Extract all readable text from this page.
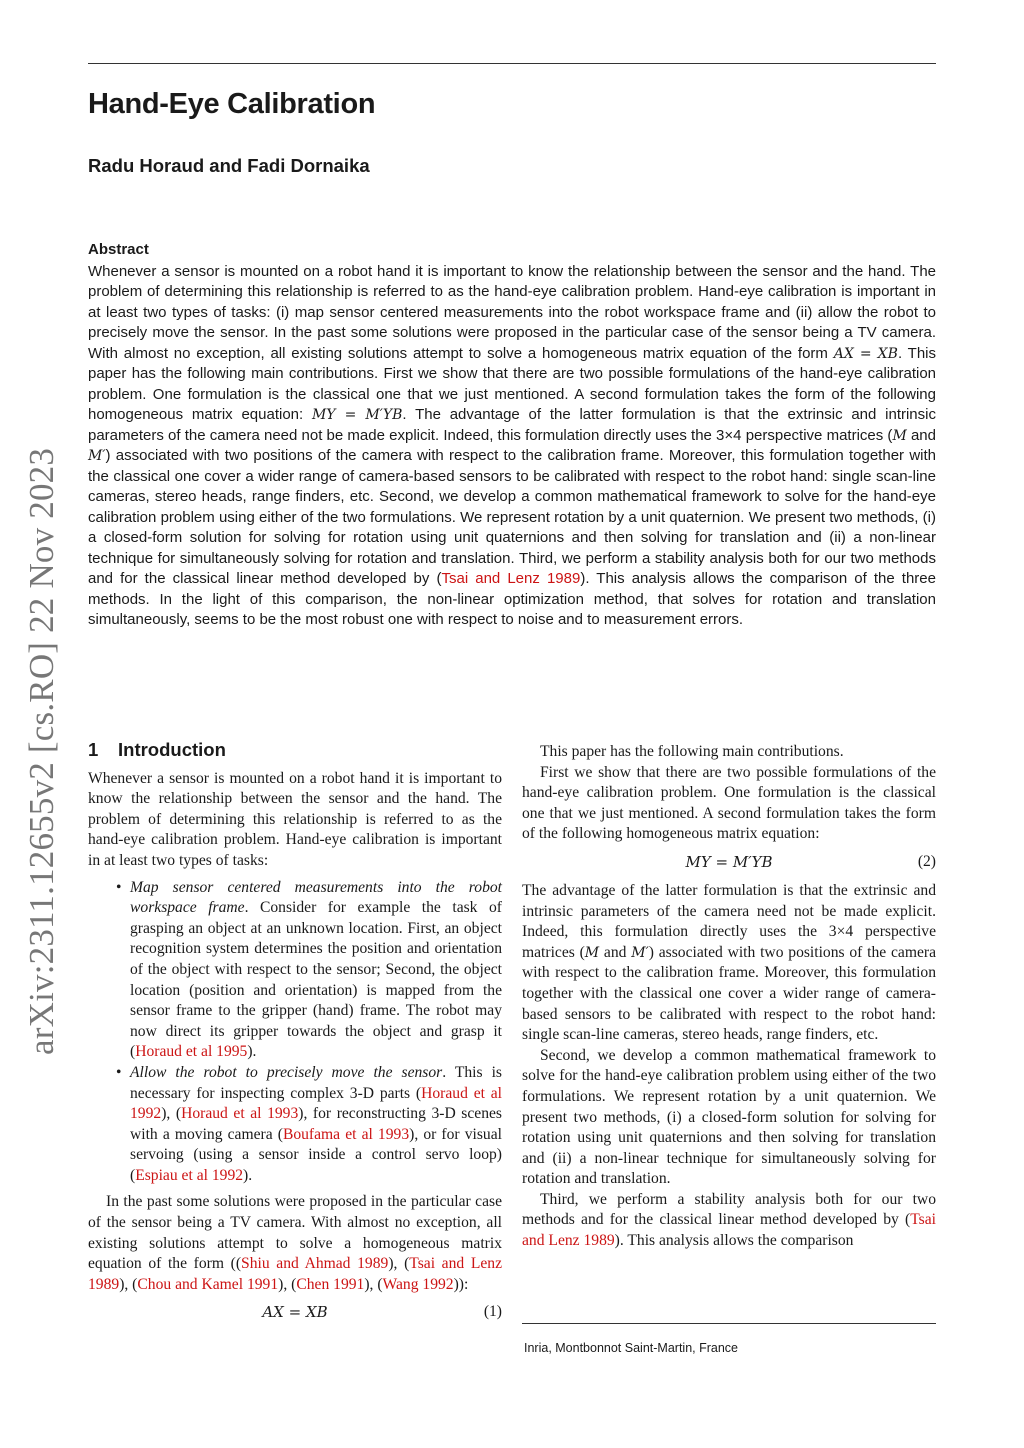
Hand-Eye Calibration
Radu Horaud and Fadi Dornaika
arXiv:2311.12655v2 [cs.RO] 22 Nov 2023
Abstract

Whenever a sensor is mounted on a robot hand it is important to know the relationship between the sensor and the hand. The problem of determining this relationship is referred to as the hand-eye calibration problem. Hand-eye calibration is important in at least two types of tasks: (i) map sensor centered measurements into the robot workspace frame and (ii) allow the robot to precisely move the sensor. In the past some solutions were proposed in the particular case of the sensor being a TV camera. With almost no exception, all existing solutions attempt to solve a homogeneous matrix equation of the form AX = XB. This paper has the following main contributions. First we show that there are two possible formulations of the hand-eye calibration problem. One formulation is the classical one that we just mentioned. A second formulation takes the form of the following homogeneous matrix equation: MY = M′YB. The advantage of the latter formulation is that the extrinsic and intrinsic parameters of the camera need not be made explicit. Indeed, this formulation directly uses the 3×4 perspective matrices (M and M′) associated with two positions of the camera with respect to the calibration frame. Moreover, this formulation together with the classical one cover a wider range of camera-based sensors to be calibrated with respect to the robot hand: single scan-line cameras, stereo heads, range finders, etc. Second, we develop a common mathematical framework to solve for the hand-eye calibration problem using either of the two formulations. We represent rotation by a unit quaternion. We present two methods, (i) a closed-form solution for solving for rotation using unit quaternions and then solving for translation and (ii) a non-linear technique for simultaneously solving for rotation and translation. Third, we perform a stability analysis both for our two methods and for the classical linear method developed by (Tsai and Lenz 1989). This analysis allows the comparison of the three methods. In the light of this comparison, the non-linear optimization method, that solves for rotation and translation simultaneously, seems to be the most robust one with respect to noise and to measurement errors.

1 Introduction

Whenever a sensor is mounted on a robot hand it is important to know the relationship between the sensor and the hand. The problem of determining this relationship is referred to as the hand-eye calibration problem. Hand-eye calibration is important in at least two types of tasks:

• Map sensor centered measurements into the robot workspace frame. Consider for example the task of grasping an object at an unknown location. First, an object recognition system determines the position and orientation of the object with respect to the sensor; Second, the object location (position and orientation) is mapped from the sensor frame to the gripper (hand) frame. The robot may now direct its gripper towards the object and grasp it (Horaud et al 1995).
• Allow the robot to precisely move the sensor. This is necessary for inspecting complex 3-D parts (Horaud et al 1992), (Horaud et al 1993), for reconstructing 3-D scenes with a moving camera (Boufama et al 1993), or for visual servoing (using a sensor inside a control servo loop) (Espiau et al 1992).

In the past some solutions were proposed in the particular case of the sensor being a TV camera. With almost no exception, all existing solutions attempt to solve a homogeneous matrix equation of the form ((Shiu and Ahmad 1989), (Tsai and Lenz 1989), (Chou and Kamel 1991), (Chen 1991), (Wang 1992)):

AX = XB	(1)

This paper has the following main contributions.

First we show that there are two possible formulations of the hand-eye calibration problem. One formulation is the classical one that we just mentioned. A second formulation takes the form of the following homogeneous matrix equation:

MY = M′YB	(2)

The advantage of the latter formulation is that the extrinsic and intrinsic parameters of the camera need not be made explicit. Indeed, this formulation directly uses the 3×4 perspective matrices (M and M′) associated with two positions of the camera with respect to the calibration frame. Moreover, this formulation together with the classical one cover a wider range of camera-based sensors to be calibrated with respect to the robot hand: single scan-line cameras, stereo heads, range finders, etc.

Second, we develop a common mathematical framework to solve for the hand-eye calibration problem using either of the two formulations. We represent rotation by a unit quaternion. We present two methods, (i) a closed-form solution for solving for rotation using unit quaternions and then solving for translation and (ii) a non-linear technique for simultaneously solving for rotation and translation.

Third, we perform a stability analysis both for our two methods and for the classical linear method developed by (Tsai and Lenz 1989). This analysis allows the comparison

Inria, Montbonnot Saint-Martin, France
